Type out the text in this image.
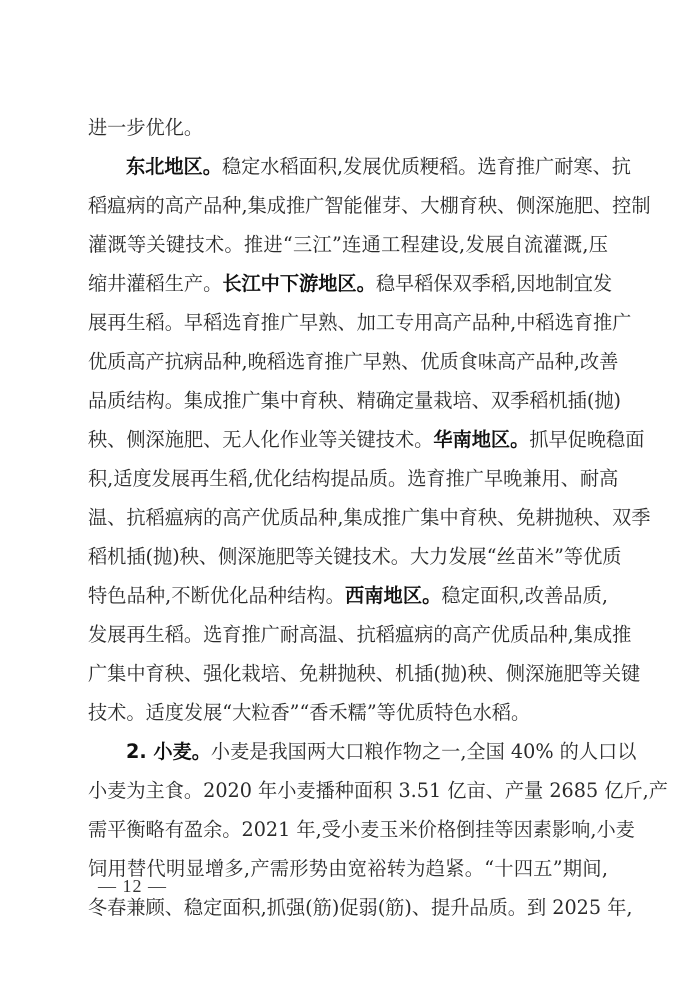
进一步优化。
东北地区。稳定水稻面积,发展优质粳稻。选育推广耐寒、抗
稻瘟病的高产品种,集成推广智能催芽、大棚育秧、侧深施肥、控制
灌溉等关键技术。推进“三江”连通工程建设,发展自流灌溉,压
缩井灌稻生产。长江中下游地区。稳早稻保双季稻,因地制宜发
展再生稻。早稻选育推广早熟、加工专用高产品种,中稻选育推广
优质高产抗病品种,晚稻选育推广早熟、优质食味高产品种,改善
品质结构。集成推广集中育秧、精确定量栽培、双季稻机插(抛)
秧、侧深施肥、无人化作业等关键技术。华南地区。抓早促晚稳面
积,适度发展再生稻,优化结构提品质。选育推广早晚兼用、耐高
温、抗稻瘟病的高产优质品种,集成推广集中育秧、免耕抛秧、双季
稻机插(抛)秧、侧深施肥等关键技术。大力发展“丝苗米”等优质
特色品种,不断优化品种结构。西南地区。稳定面积,改善品质,
发展再生稻。选育推广耐高温、抗稻瘟病的高产优质品种,集成推
广集中育秧、强化栽培、免耕抛秧、机插(抛)秧、侧深施肥等关键
技术。适度发展“大粒香”“香禾糯”等优质特色水稻。
2. 小麦。小麦是我国两大口粮作物之一,全国 40% 的人口以
小麦为主食。2020 年小麦播种面积 3.51 亿亩、产量 2685 亿斤,产
需平衡略有盈余。2021 年,受小麦玉米价格倒挂等因素影响,小麦
饲用替代明显增多,产需形势由宽裕转为趋紧。“十四五”期间,
冬春兼顾、稳定面积,抓强(筋)促弱(筋)、提升品质。到 2025 年,
— 12 —
